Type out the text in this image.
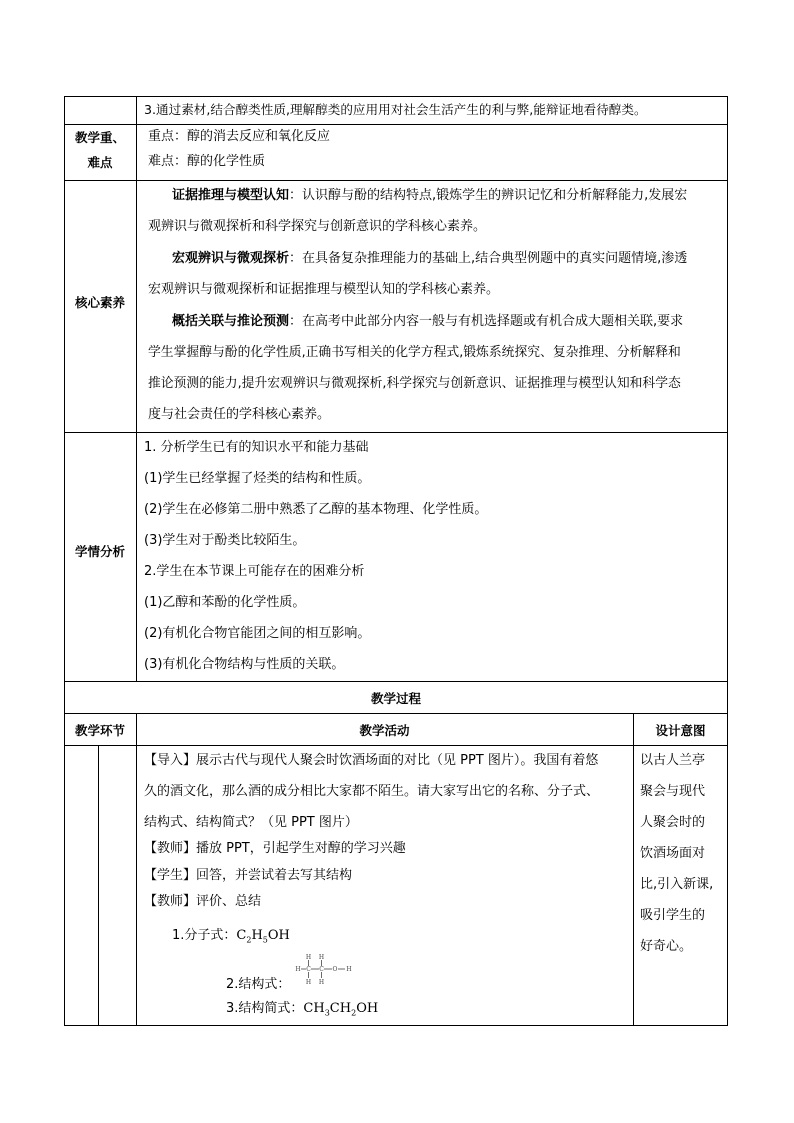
3.通过素材,结合醇类性质,理解醇类的应用用对社会生活产生的利与弊,能辩证地看待醇类。
教学重、
难点
重点：醇的消去反应和氧化反应
难点：醇的化学性质
核心素养
证据推理与模型认知：认识醇与酚的结构特点,锻炼学生的辨识记忆和分析解释能力,发展宏
观辨识与微观探析和科学探究与创新意识的学科核心素养。
宏观辨识与微观探析：在具备复杂推理能力的基础上,结合典型例题中的真实问题情境,渗透
宏观辨识与微观探析和证据推理与模型认知的学科核心素养。
概括关联与推论预测：在高考中此部分内容一般与有机选择题或有机合成大题相关联,要求
学生掌握醇与酚的化学性质,正确书写相关的化学方程式,锻炼系统探究、复杂推理、分析解释和
推论预测的能力,提升宏观辨识与微观探析,科学探究与创新意识、证据推理与模型认知和科学态
度与社会责任的学科核心素养。
学情分析
1. 分析学生已有的知识水平和能力基础
(1)学生已经掌握了烃类的结构和性质。
(2)学生在必修第二册中熟悉了乙醇的基本物理、化学性质。
(3)学生对于酚类比较陌生。
2.学生在本节课上可能存在的困难分析
(1)乙醇和苯酚的化学性质。
(2)有机化合物官能团之间的相互影响。
(3)有机化合物结构与性质的关联。
教学过程
教学环节	教学活动	设计意图
【导入】展示古代与现代人聚会时饮酒场面的对比（见 PPT 图片）。我国有着悠
久的酒文化，那么酒的成分相比大家都不陌生。请大家写出它的名称、分子式、
结构式、结构简式？（见 PPT 图片）
【教师】播放 PPT，引起学生对醇的学习兴趣
【学生】回答，并尝试着去写其结构
【教师】评价、总结
1.分子式：$C_2H_5OH$
2.结构式：
H C C O H
H
H
H
H
3.结构简式：$CH_3CH_2OH$
以古人兰亭
聚会与现代
人聚会时的
饮酒场面对
比,引入新课,
吸引学生的
好奇心。
